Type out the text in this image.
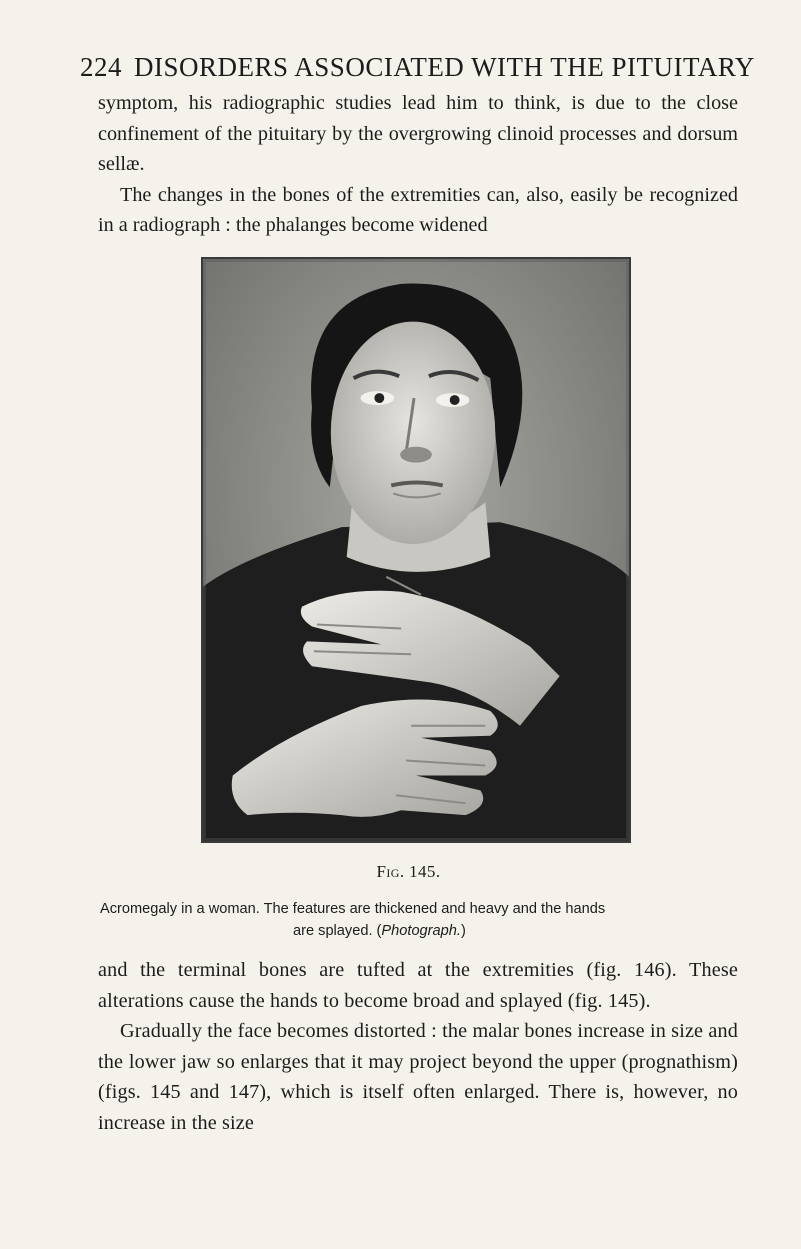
224 DISORDERS ASSOCIATED WITH THE PITUITARY

symptom, his radiographic studies lead him to think, is due to the close confinement of the pituitary by the overgrowing clinoid processes and dorsum sellæ.

The changes in the bones of the extremities can, also, easily be recognized in a radiograph : the phalanges become widened

Fig. 145.
Acromegaly in a woman. The features are thickened and heavy and the hands
are splayed. (Photograph.)

and the terminal bones are tufted at the extremities (fig. 146). These alterations cause the hands to become broad and splayed (fig. 145).

Gradually the face becomes distorted : the malar bones increase in size and the lower jaw so enlarges that it may project beyond the upper (prognathism) (figs. 145 and 147), which is itself often enlarged. There is, however, no increase in the size
